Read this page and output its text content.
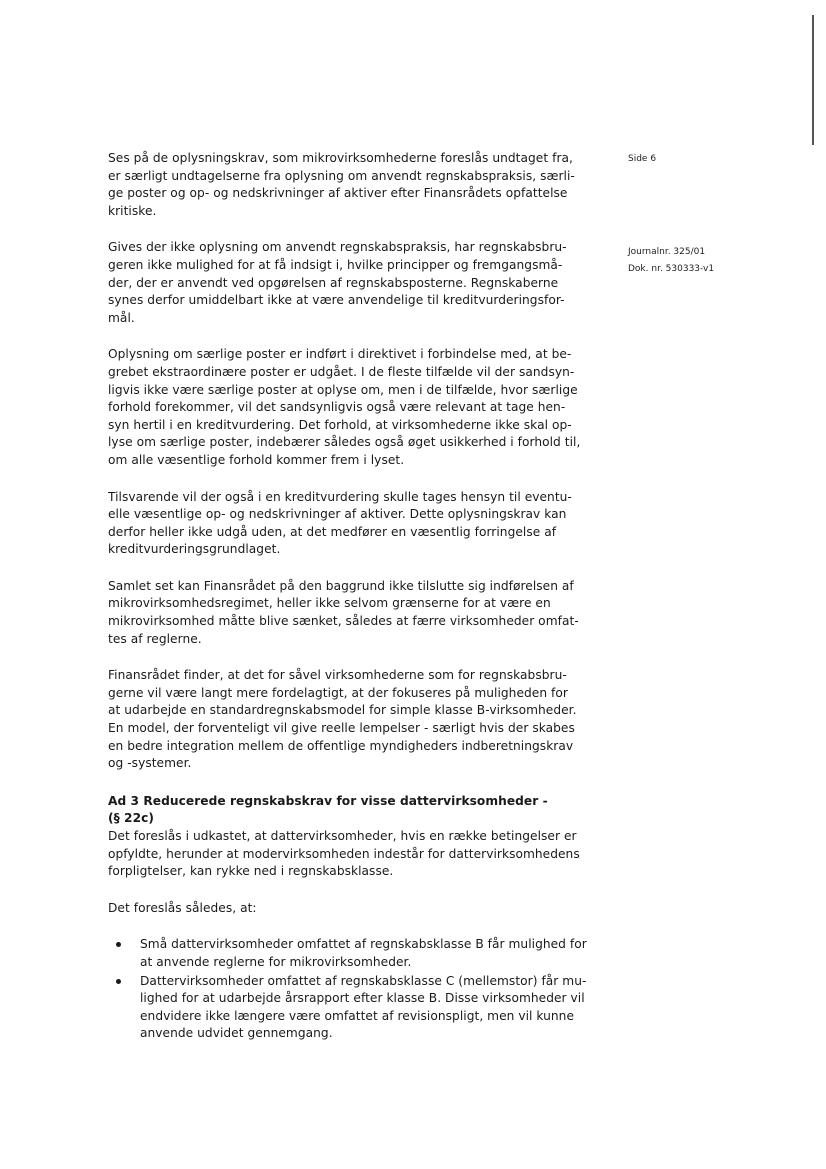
Side 6
Journalnr. 325/01
Dok. nr. 530333-v1
Ses på de oplysningskrav, som mikrovirksomhederne foreslås undtaget fra,
er særligt undtagelserne fra oplysning om anvendt regnskabspraksis, særli-
ge poster og op- og nedskrivninger af aktiver efter Finansrådets opfattelse
kritiske.
Gives der ikke oplysning om anvendt regnskabspraksis, har regnskabsbru-
geren ikke mulighed for at få indsigt i, hvilke principper og fremgangsmå-
der, der er anvendt ved opgørelsen af regnskabsposterne. Regnskaberne
synes derfor umiddelbart ikke at være anvendelige til kreditvurderingsfor-
mål.
Oplysning om særlige poster er indført i direktivet i forbindelse med, at be-
grebet ekstraordinære poster er udgået. I de fleste tilfælde vil der sandsyn-
ligvis ikke være særlige poster at oplyse om, men i de tilfælde, hvor særlige
forhold forekommer, vil det sandsynligvis også være relevant at tage hen-
syn hertil i en kreditvurdering. Det forhold, at virksomhederne ikke skal op-
lyse om særlige poster, indebærer således også øget usikkerhed i forhold til,
om alle væsentlige forhold kommer frem i lyset.
Tilsvarende vil der også i en kreditvurdering skulle tages hensyn til eventu-
elle væsentlige op- og nedskrivninger af aktiver. Dette oplysningskrav kan
derfor heller ikke udgå uden, at det medfører en væsentlig forringelse af
kreditvurderingsgrundlaget.
Samlet set kan Finansrådet på den baggrund ikke tilslutte sig indførelsen af
mikrovirksomhedsregimet, heller ikke selvom grænserne for at være en
mikrovirksomhed måtte blive sænket, således at færre virksomheder omfat-
tes af reglerne.
Finansrådet finder, at det for såvel virksomhederne som for regnskabsbru-
gerne vil være langt mere fordelagtigt, at der fokuseres på muligheden for
at udarbejde en standardregnskabsmodel for simple klasse B-virksomheder.
En model, der forventeligt vil give reelle lempelser - særligt hvis der skabes
en bedre integration mellem de offentlige myndigheders indberetningskrav
og -systemer.
Ad 3 Reducerede regnskabskrav for visse dattervirksomheder -
(§ 22c)
Det foreslås i udkastet, at dattervirksomheder, hvis en række betingelser er
opfyldte, herunder at modervirksomheden indestår for dattervirksomhedens
forpligtelser, kan rykke ned i regnskabsklasse.
Det foreslås således, at:
Små dattervirksomheder omfattet af regnskabsklasse B får mulighed for
at anvende reglerne for mikrovirksomheder.
Dattervirksomheder omfattet af regnskabsklasse C (mellemstor) får mu-
lighed for at udarbejde årsrapport efter klasse B. Disse virksomheder vil
endvidere ikke længere være omfattet af revisionspligt, men vil kunne
anvende udvidet gennemgang.
